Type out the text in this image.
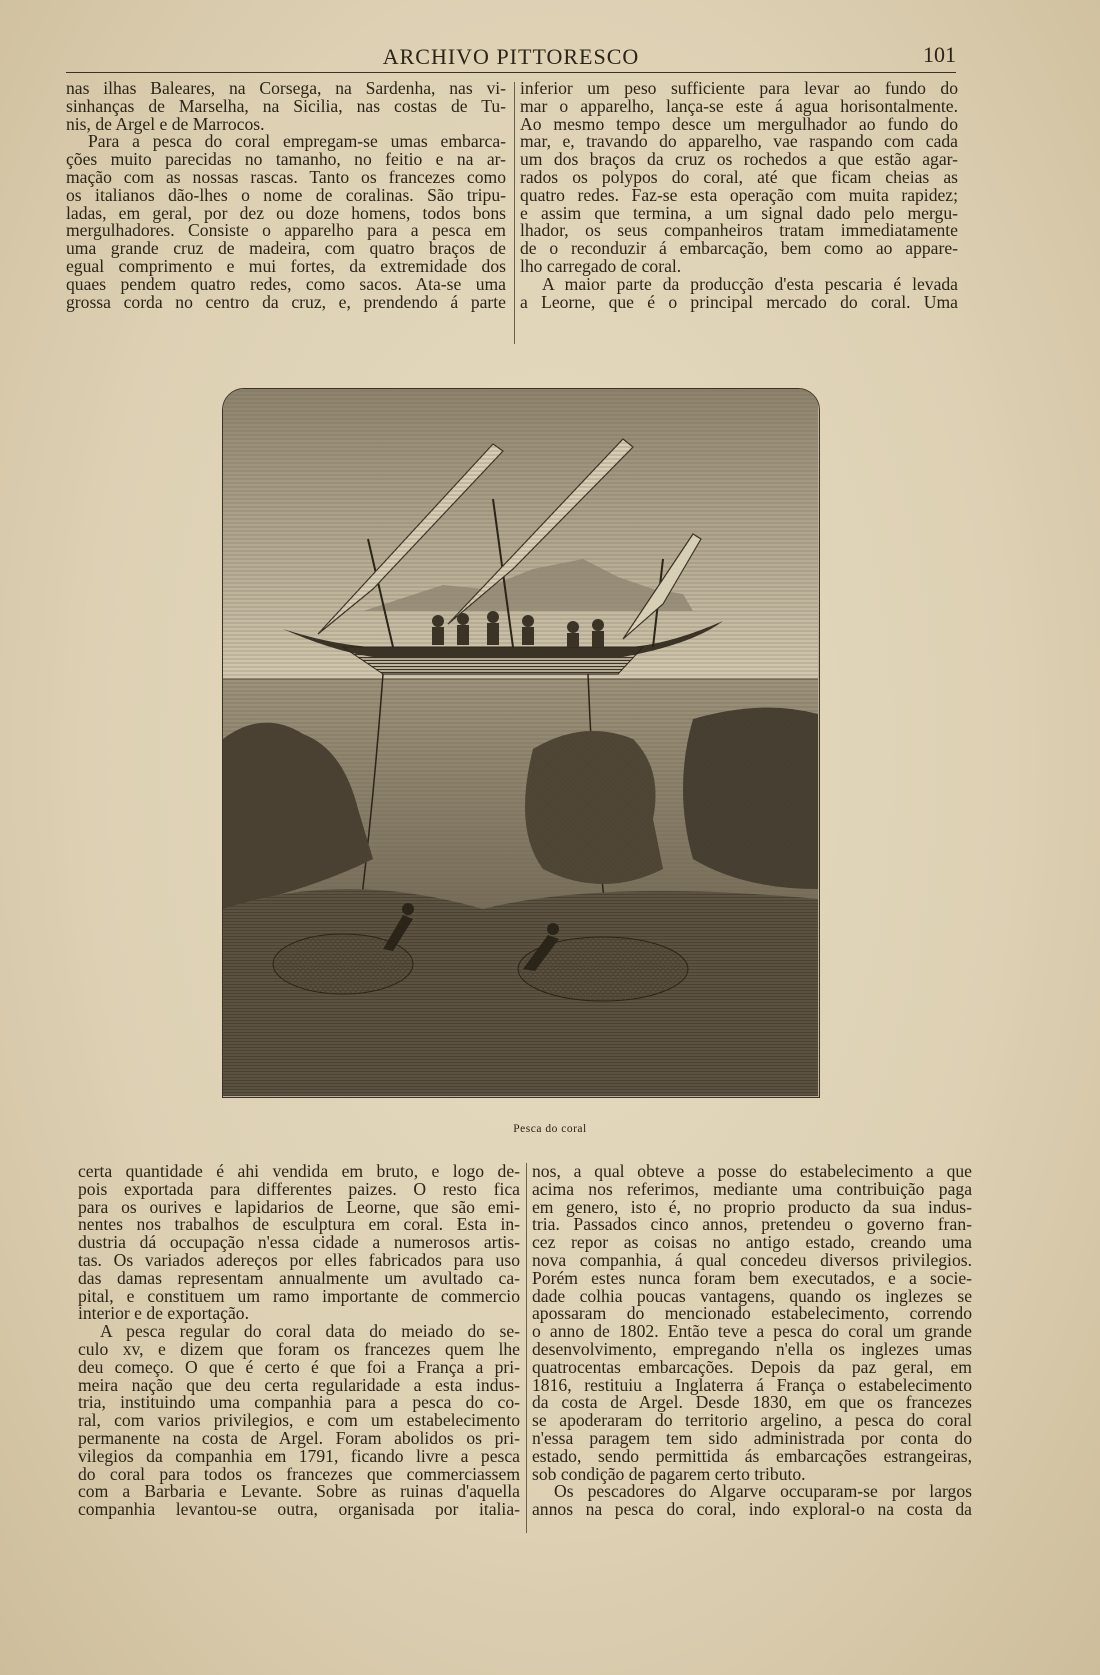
ARCHIVO PITTORESCO	101
nas ilhas Baleares, na Corsega, na Sardenha, nas vi-
sinhanças de Marselha, na Sicilia, nas costas de Tu-
nis, de Argel e de Marrocos.
Para a pesca do coral empregam-se umas embarca-
ções muito parecidas no tamanho, no feitio e na ar-
mação com as nossas rascas. Tanto os francezes como
os italianos dão-lhes o nome de coralinas. São tripu-
ladas, em geral, por dez ou doze homens, todos bons
mergulhadores. Consiste o apparelho para a pesca em
uma grande cruz de madeira, com quatro braços de
egual comprimento e mui fortes, da extremidade dos
quaes pendem quatro redes, como sacos. Ata-se uma
grossa corda no centro da cruz, e, prendendo á parte
inferior um peso sufficiente para levar ao fundo do
mar o apparelho, lança-se este á agua horisontalmente.
Ao mesmo tempo desce um mergulhador ao fundo do
mar, e, travando do apparelho, vae raspando com cada
um dos braços da cruz os rochedos a que estão agar-
rados os polypos do coral, até que ficam cheias as
quatro redes. Faz-se esta operação com muita rapidez;
e assim que termina, a um signal dado pelo mergu-
lhador, os seus companheiros tratam immediatamente
de o reconduzir á embarcação, bem como ao appare-
lho carregado de coral.
A maior parte da producção d'esta pescaria é levada
a Leorne, que é o principal mercado do coral. Uma
Pesca do coral
certa quantidade é ahi vendida em bruto, e logo de-
pois exportada para differentes paizes. O resto fica
para os ourives e lapidarios de Leorne, que são emi-
nentes nos trabalhos de esculptura em coral. Esta in-
dustria dá occupação n'essa cidade a numerosos artis-
tas. Os variados adereços por elles fabricados para uso
das damas representam annualmente um avultado ca-
pital, e constituem um ramo importante de commercio
interior e de exportação.
A pesca regular do coral data do meiado do se-
culo xv, e dizem que foram os francezes quem lhe
deu começo. O que é certo é que foi a França a pri-
meira nação que deu certa regularidade a esta indus-
tria, instituindo uma companhia para a pesca do co-
ral, com varios privilegios, e com um estabelecimento
permanente na costa de Argel. Foram abolidos os pri-
vilegios da companhia em 1791, ficando livre a pesca
do coral para todos os francezes que commerciassem
com a Barbaria e Levante. Sobre as ruinas d'aquella
companhia levantou-se outra, organisada por italia-
nos, a qual obteve a posse do estabelecimento a que
acima nos referimos, mediante uma contribuição paga
em genero, isto é, no proprio producto da sua indus-
tria. Passados cinco annos, pretendeu o governo fran-
cez repor as coisas no antigo estado, creando uma
nova companhia, á qual concedeu diversos privilegios.
Porém estes nunca foram bem executados, e a socie-
dade colhia poucas vantagens, quando os inglezes se
apossaram do mencionado estabelecimento, correndo
o anno de 1802. Então teve a pesca do coral um grande
desenvolvimento, empregando n'ella os inglezes umas
quatrocentas embarcações. Depois da paz geral, em
1816, restituiu a Inglaterra á França o estabelecimento
da costa de Argel. Desde 1830, em que os francezes
se apoderaram do territorio argelino, a pesca do coral
n'essa paragem tem sido administrada por conta do
estado, sendo permittida ás embarcações estrangeiras,
sob condição de pagarem certo tributo.
Os pescadores do Algarve occuparam-se por largos
annos na pesca do coral, indo exploral-o na costa da
